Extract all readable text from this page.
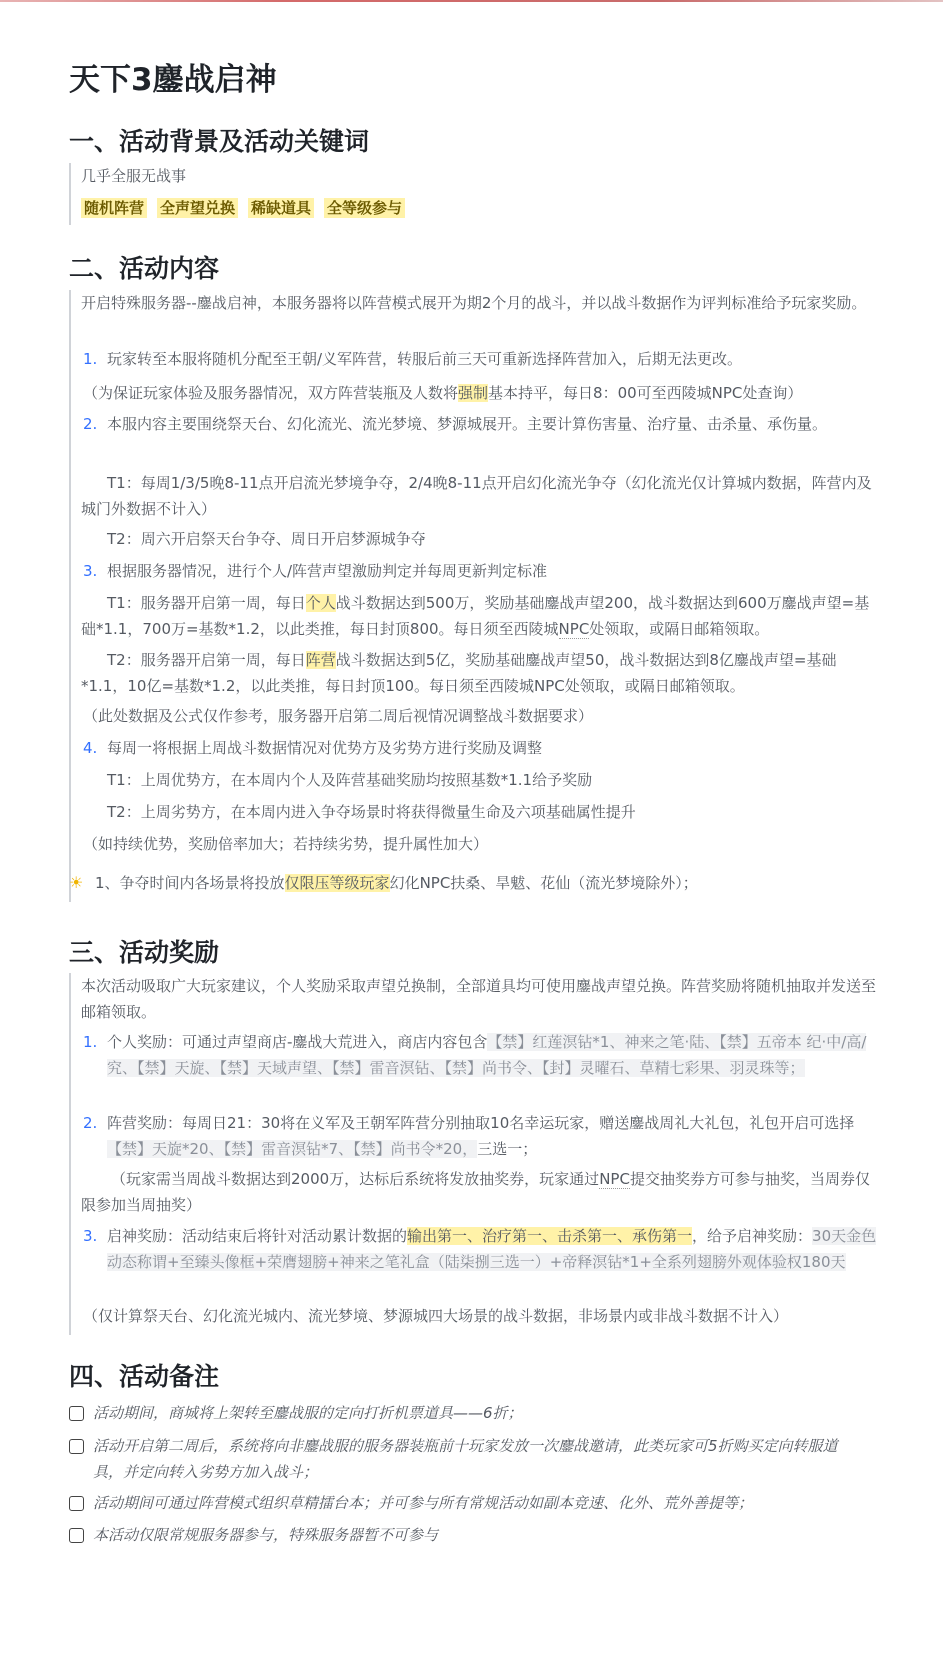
天下3鏖战启神
一、活动背景及活动关键词
几乎全服无战事
随机阵营 全声望兑换 稀缺道具 全等级参与
二、活动内容
开启特殊服务器--鏖战启神，本服务器将以阵营模式展开为期2个月的战斗，并以战斗数据作为评判标准给予玩家奖励。
1. 玩家转至本服将随机分配至王朝/义军阵营，转服后前三天可重新选择阵营加入，后期无法更改。
（为保证玩家体验及服务器情况，双方阵营装瓶及人数将强制基本持平，每日8：00可至西陵城NPC处查询）
2. 本服内容主要围绕祭天台、幻化流光、流光梦境、梦源城展开。主要计算伤害量、治疗量、击杀量、承伤量。
T1：每周1/3/5晚8-11点开启流光梦境争夺，2/4晚8-11点开启幻化流光争夺（幻化流光仅计算城内数据，阵营内及城门外数据不计入）
T2：周六开启祭天台争夺、周日开启梦源城争夺
3. 根据服务器情况，进行个人/阵营声望激励判定并每周更新判定标准
T1：服务器开启第一周，每日个人战斗数据达到500万，奖励基础鏖战声望200，战斗数据达到600万鏖战声望=基础*1.1，700万=基数*1.2，以此类推，每日封顶800。每日须至西陵城NPC处领取，或隔日邮箱领取。
T2：服务器开启第一周，每日阵营战斗数据达到5亿，奖励基础鏖战声望50，战斗数据达到8亿鏖战声望=基础*1.1，10亿=基数*1.2，以此类推，每日封顶100。每日须至西陵城NPC处领取，或隔日邮箱领取。
（此处数据及公式仅作参考，服务器开启第二周后视情况调整战斗数据要求）
4. 每周一将根据上周战斗数据情况对优势方及劣势方进行奖励及调整
T1：上周优势方，在本周内个人及阵营基础奖励均按照基数*1.1给予奖励
T2：上周劣势方，在本周内进入争夺场景时将获得微量生命及六项基础属性提升
（如持续优势，奖励倍率加大；若持续劣势，提升属性加大）
☀ 1、争夺时间内各场景将投放仅限压等级玩家幻化NPC扶桑、旱魃、花仙（流光梦境除外）；
三、活动奖励
本次活动吸取广大玩家建议，个人奖励采取声望兑换制，全部道具均可使用鏖战声望兑换。阵营奖励将随机抽取并发送至邮箱领取。
1. 个人奖励：可通过声望商店-鏖战大荒进入，商店内容包含【禁】红莲溟钻*1、神来之笔·陆、【禁】五帝本 纪·中/高/究、【禁】天旋、【禁】天域声望、【禁】雷音溟钻、【禁】尚书令、【封】灵曜石、草精七彩果、羽灵珠等；
2. 阵营奖励：每周日21：30将在义军及王朝军阵营分别抽取10名幸运玩家，赠送鏖战周礼大礼包，礼包开启可选择【禁】天旋*20、【禁】雷音溟钻*7、【禁】尚书令*20，三选一；
（玩家需当周战斗数据达到2000万，达标后系统将发放抽奖券，玩家通过NPC提交抽奖券方可参与抽奖，当周券仅限参加当周抽奖）
3. 启神奖励：活动结束后将针对活动累计数据的输出第一、治疗第一、击杀第一、承伤第一，给予启神奖励：30天金色动态称谓+至臻头像框+荣膺翅膀+神来之笔礼盒（陆柒捌三选一）+帝释溟钻*1+全系列翅膀外观体验权180天
（仅计算祭天台、幻化流光城内、流光梦境、梦源城四大场景的战斗数据，非场景内或非战斗数据不计入）
四、活动备注
活动期间，商城将上架转至鏖战服的定向打折机票道具——6折；
活动开启第二周后，系统将向非鏖战服的服务器装瓶前十玩家发放一次鏖战邀请，此类玩家可5折购买定向转服道具，并定向转入劣势方加入战斗；
活动期间可通过阵营模式组织草精擂台本；并可参与所有常规活动如副本竞速、化外、荒外善提等；
本活动仅限常规服务器参与，特殊服务器暂不可参与
